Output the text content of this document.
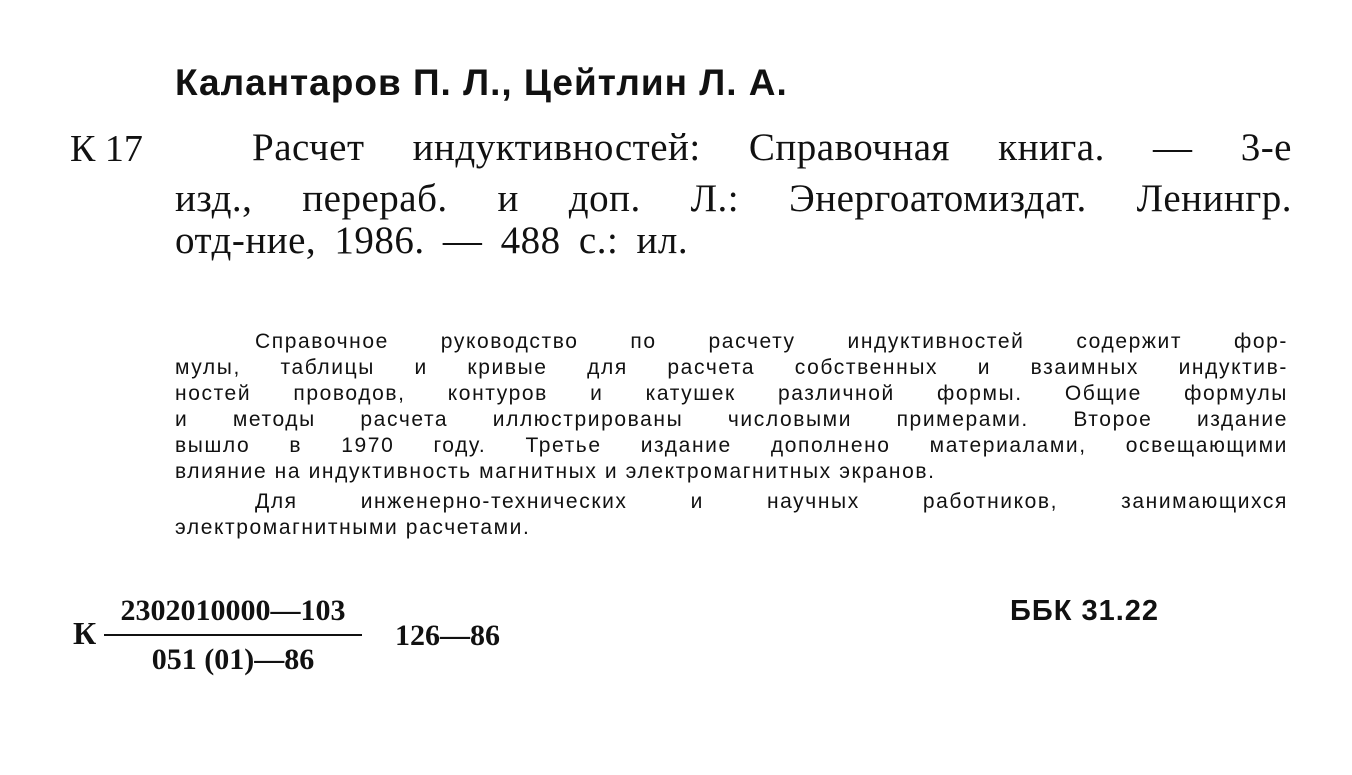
Калантаров П. Л., Цейтлин Л. А.
К 17	Расчет индуктивностей: Справочная книга. — 3-е
изд., перераб. и доп. Л.: Энергоатомиздат. Ленингр.
отд-ние, 1986. — 488 с.: ил.
Справочное руководство по расчету индуктивностей содержит фор-
мулы, таблицы и кривые для расчета собственных и взаимных индуктив-
ностей проводов, контуров и катушек различной формы. Общие формулы
и методы расчета иллюстрированы числовыми примерами. Второе издание
вышло в 1970 году. Третье издание дополнено материалами, освещающими
влияние на индуктивность магнитных и электромагнитных экранов.
Для инженерно-технических и научных работников, занимающихся
электромагнитными расчетами.
К
2302010000—103
051 (01)—86
126—86
ББК 31.22
